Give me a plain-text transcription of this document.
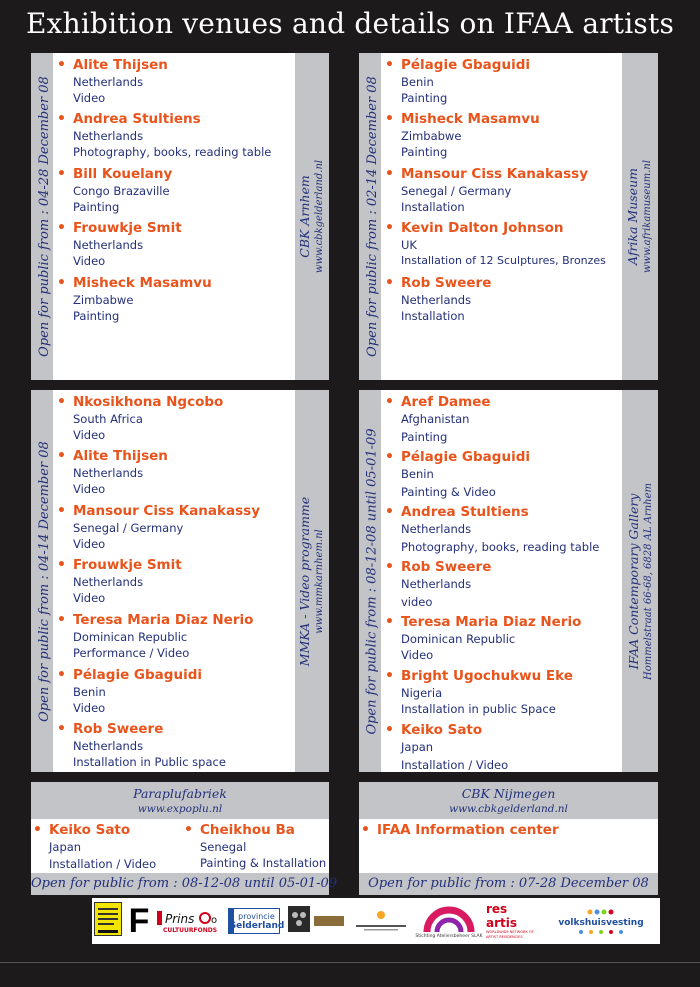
Exhibition venues and details on IFAA artists
Open for public from : 04-28 December 08
• Alite Thijsen
Netherlands
Video
• Andrea Stultiens
Netherlands
Photography, books, reading table
• Bill Kouelany
Congo Brazaville
Painting
• Frouwkje Smit
Netherlands
Video
• Misheck Masamvu
Zimbabwe
Painting
CBK Arnhem www.cbkgelderland.nl	Open for public from : 02-14 December 08
• Pélagie Gbaguidi
Benin
Painting
• Misheck Masamvu
Zimbabwe
Painting
• Mansour Ciss Kanakassy
Senegal / Germany
Installation
• Kevin Dalton Johnson
UK
Installation of 12 Sculptures, Bronzes
• Rob Sweere
Netherlands
Installation
Afrika Museum www.afrikamuseum.nl
Open for public from : 04-14 December 08
• Nkosikhona Ngcobo
South Africa
Video
• Alite Thijsen
Netherlands
Video
• Mansour Ciss Kanakassy
Senegal / Germany
Video
• Frouwkje Smit
Netherlands
Video
• Teresa Maria Diaz Nerio
Dominican Republic
Performance / Video
• Pélagie Gbaguidi
Benin
Video
• Rob Sweere
Netherlands
Installation in Public space
MMKA - Video programme www.mmkarnhem.nl	Open for public from : 08-12-08 until 05-01-09
• Aref Damee
Afghanistan
Painting
• Pélagie Gbaguidi
Benin
Painting & Video
• Andrea Stultiens
Netherlands
Photography, books, reading table
• Rob Sweere
Netherlands
video
• Teresa Maria Diaz Nerio
Dominican Republic
Video
• Bright Ugochukwu Eke
Nigeria
Installation in public Space
• Keiko Sato
Japan
Installation / Video
IFAA Contemporary Gallery Hommelstraat 66-68, 6828 AL Arnhem
Paraplufabriek
www.expoplu.nl
• Keiko Sato
Japan
Installation / Video
• Cheikhou Ba
Senegal
Painting & Installation
Open for public from : 08-12-08 until 05-01-09
CBK Nijmegen
www.cbkgelderland.nl
• IFAA Information center
Open for public from : 07-28 December 08
F Prins o
CULTUURFONDS
provincie
Gelderland
Stichting Ateliersbeheer SLAK
res artis
WORLDWIDE NETWORK OF ARTIST RESIDENCIES
volkshuisvesting
